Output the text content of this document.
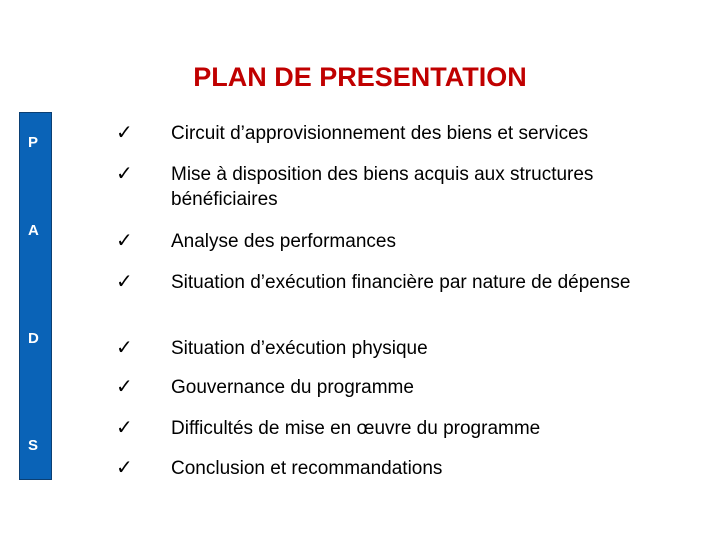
PLAN DE PRESENTATION
P
A
D
S
✓	Circuit d’approvisionnement des biens et services
✓	Mise à disposition des biens acquis aux structures bénéficiaires
✓	Analyse des performances
✓	Situation d’exécution financière par nature de dépense
✓	Situation d’exécution physique
✓	Gouvernance du programme
✓	Difficultés de mise en œuvre du programme
✓	Conclusion et recommandations
